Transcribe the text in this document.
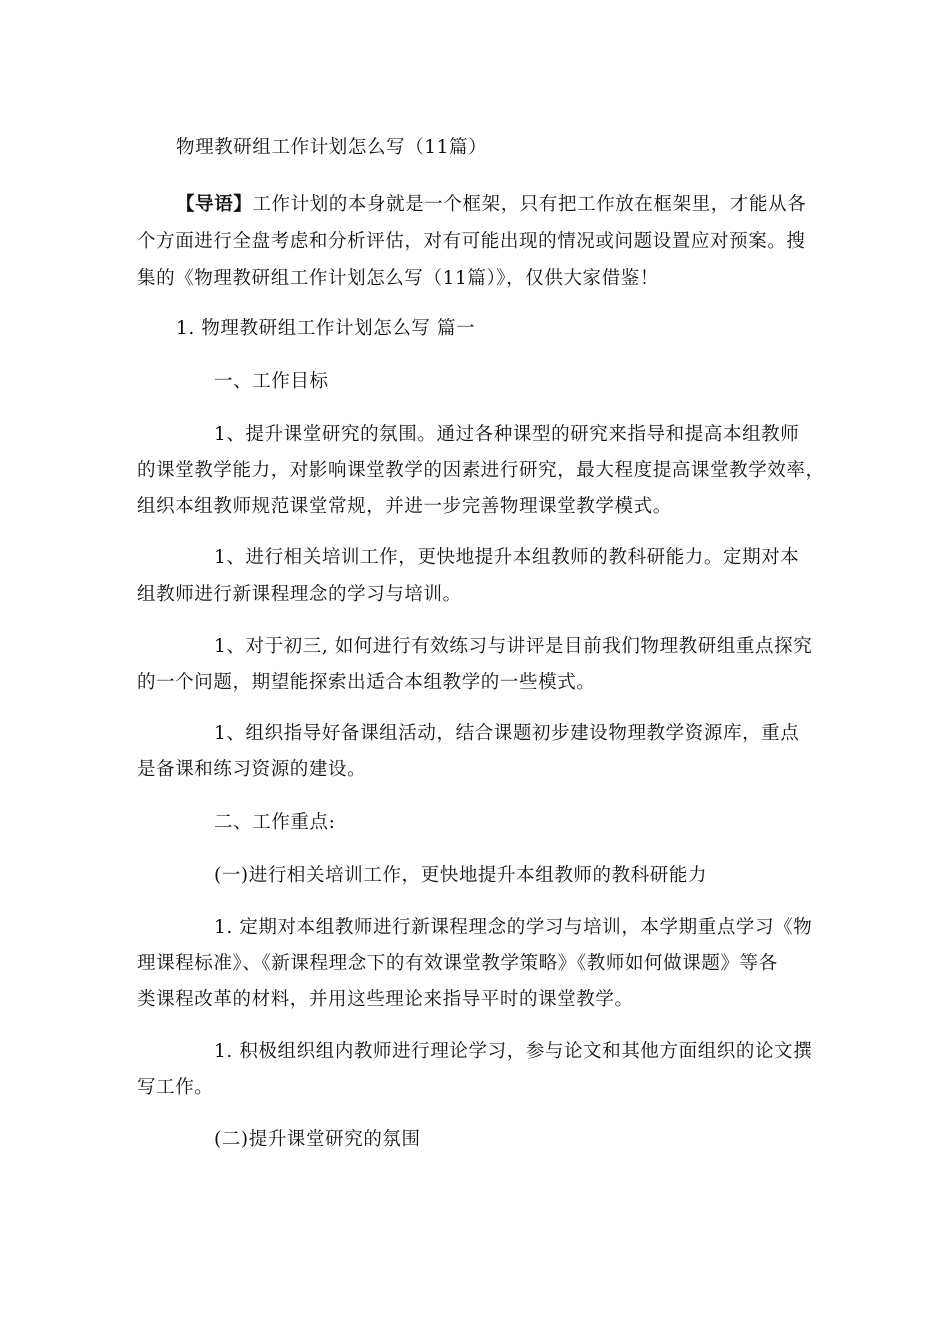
物理教研组工作计划怎么写（11篇）
【导语】工作计划的本身就是一个框架，只有把工作放在框架里，才能从各
个方面进行全盘考虑和分析评估，对有可能出现的情况或问题设置应对预案。搜
集的《物理教研组工作计划怎么写（11篇）》，仅供大家借鉴！
1. 物理教研组工作计划怎么写 篇一
一、工作目标
1、提升课堂研究的氛围。通过各种课型的研究来指导和提高本组教师
的课堂教学能力，对影响课堂教学的因素进行研究，最大程度提高课堂教学效率，
组织本组教师规范课堂常规，并进一步完善物理课堂教学模式。
1、进行相关培训工作，更快地提升本组教师的教科研能力。定期对本
组教师进行新课程理念的学习与培训。
1、对于初三, 如何进行有效练习与讲评是目前我们物理教研组重点探究
的一个问题，期望能探索出适合本组教学的一些模式。
1、组织指导好备课组活动，结合课题初步建设物理教学资源库，重点
是备课和练习资源的建设。
二、工作重点:
(一)进行相关培训工作，更快地提升本组教师的教科研能力
1. 定期对本组教师进行新课程理念的学习与培训，本学期重点学习《物
理课程标准》、《新课程理念下的有效课堂教学策略》《教师如何做课题》等各
类课程改革的材料，并用这些理论来指导平时的课堂教学。
1. 积极组织组内教师进行理论学习，参与论文和其他方面组织的论文撰
写工作。
(二)提升课堂研究的氛围
